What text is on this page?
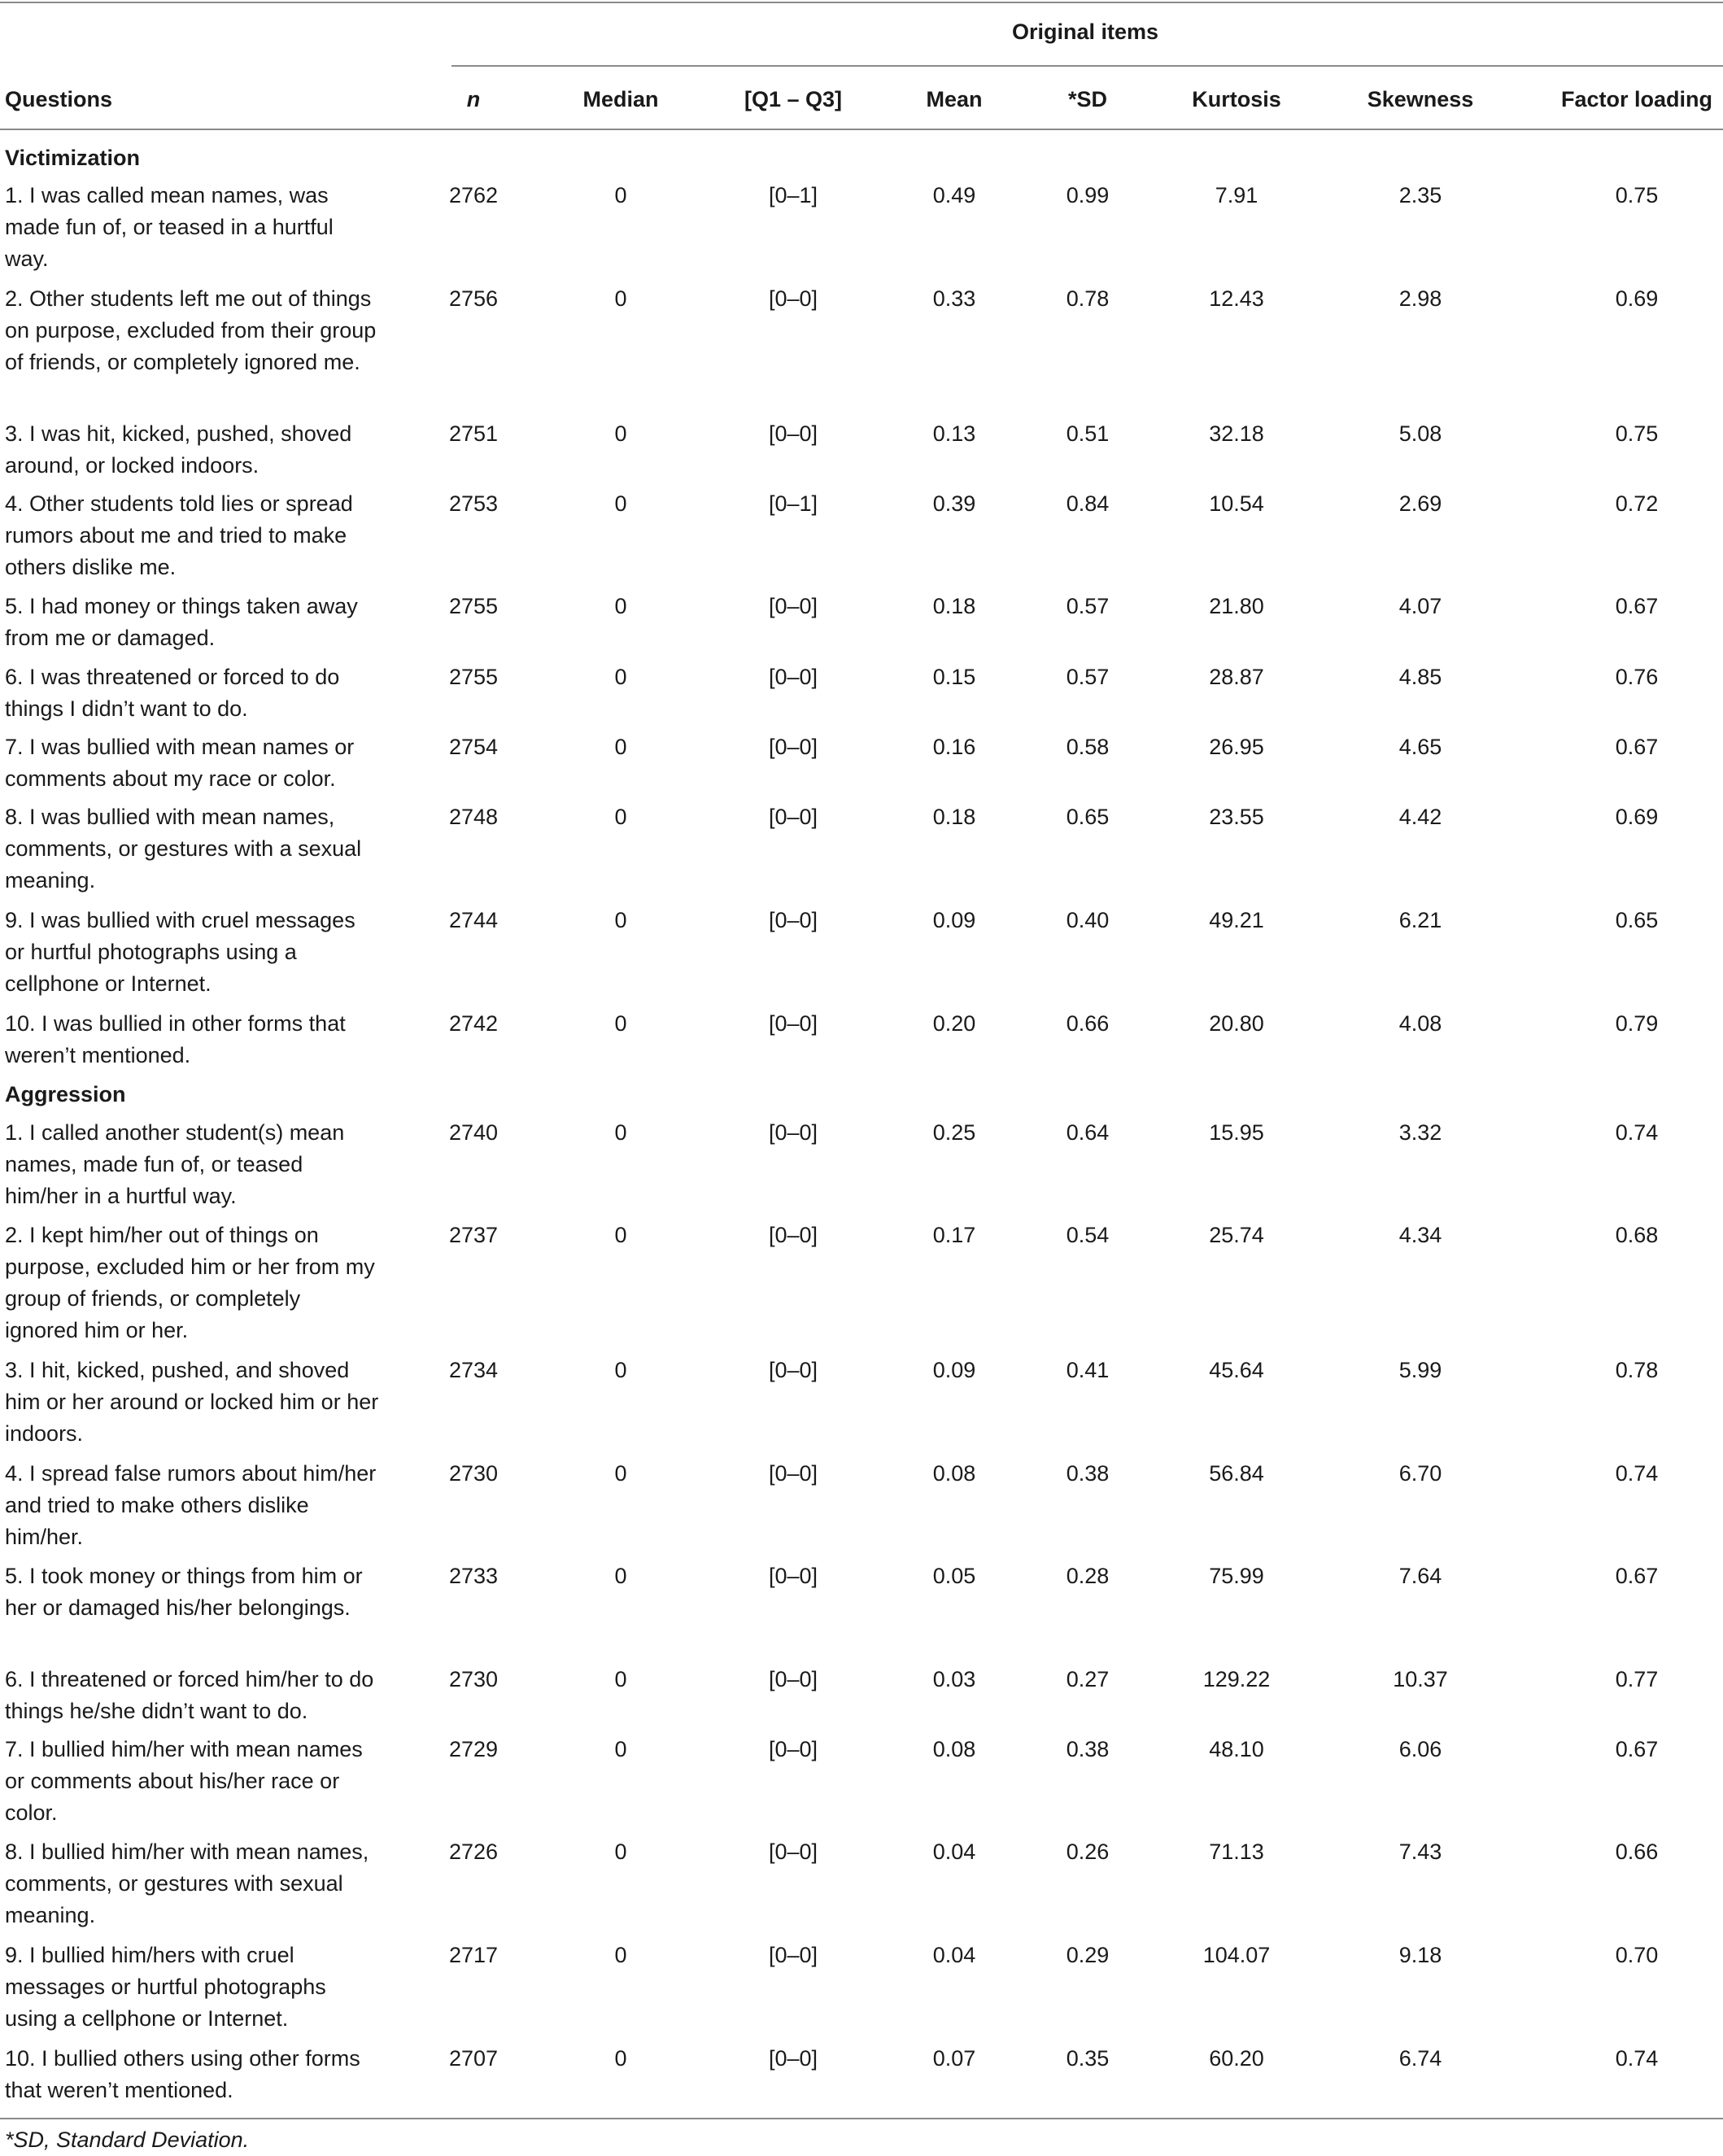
Original items
Questions	n	Median	[Q1 – Q3]	Mean	*SD	Kurtosis	Skewness	Factor loading
Victimization
1. I was called mean names, was made fun of, or teased in a hurtful way.
2762	0	[0–1]	0.49	0.99	7.91	2.35	0.75
2. Other students left me out of things on purpose, excluded from their group of friends, or completely ignored me.
2756	0	[0–0]	0.33	0.78	12.43	2.98	0.69
3. I was hit, kicked, pushed, shoved around, or locked indoors.
2751	0	[0–0]	0.13	0.51	32.18	5.08	0.75
4. Other students told lies or spread rumors about me and tried to make others dislike me.
2753	0	[0–1]	0.39	0.84	10.54	2.69	0.72
5. I had money or things taken away from me or damaged.
2755	0	[0–0]	0.18	0.57	21.80	4.07	0.67
6. I was threatened or forced to do things I didn’t want to do.
2755	0	[0–0]	0.15	0.57	28.87	4.85	0.76
7. I was bullied with mean names or comments about my race or color.
2754	0	[0–0]	0.16	0.58	26.95	4.65	0.67
8. I was bullied with mean names, comments, or gestures with a sexual meaning.
2748	0	[0–0]	0.18	0.65	23.55	4.42	0.69
9. I was bullied with cruel messages or hurtful photographs using a cellphone or Internet.
2744	0	[0–0]	0.09	0.40	49.21	6.21	0.65
10. I was bullied in other forms that weren’t mentioned.
2742	0	[0–0]	0.20	0.66	20.80	4.08	0.79
Aggression
1. I called another student(s) mean names, made fun of, or teased him/her in a hurtful way.
2740	0	[0–0]	0.25	0.64	15.95	3.32	0.74
2. I kept him/her out of things on purpose, excluded him or her from my group of friends, or completely ignored him or her.
2737	0	[0–0]	0.17	0.54	25.74	4.34	0.68
3. I hit, kicked, pushed, and shoved him or her around or locked him or her indoors.
2734	0	[0–0]	0.09	0.41	45.64	5.99	0.78
4. I spread false rumors about him/her and tried to make others dislike him/her.
2730	0	[0–0]	0.08	0.38	56.84	6.70	0.74
5. I took money or things from him or her or damaged his/her belongings.
2733	0	[0–0]	0.05	0.28	75.99	7.64	0.67
6. I threatened or forced him/her to do things he/she didn’t want to do.
2730	0	[0–0]	0.03	0.27	129.22	10.37	0.77
7. I bullied him/her with mean names or comments about his/her race or color.
2729	0	[0–0]	0.08	0.38	48.10	6.06	0.67
8. I bullied him/her with mean names, comments, or gestures with sexual meaning.
2726	0	[0–0]	0.04	0.26	71.13	7.43	0.66
9. I bullied him/hers with cruel messages or hurtful photographs using a cellphone or Internet.
2717	0	[0–0]	0.04	0.29	104.07	9.18	0.70
10. I bullied others using other forms that weren’t mentioned.
2707	0	[0–0]	0.07	0.35	60.20	6.74	0.74
*SD, Standard Deviation.
